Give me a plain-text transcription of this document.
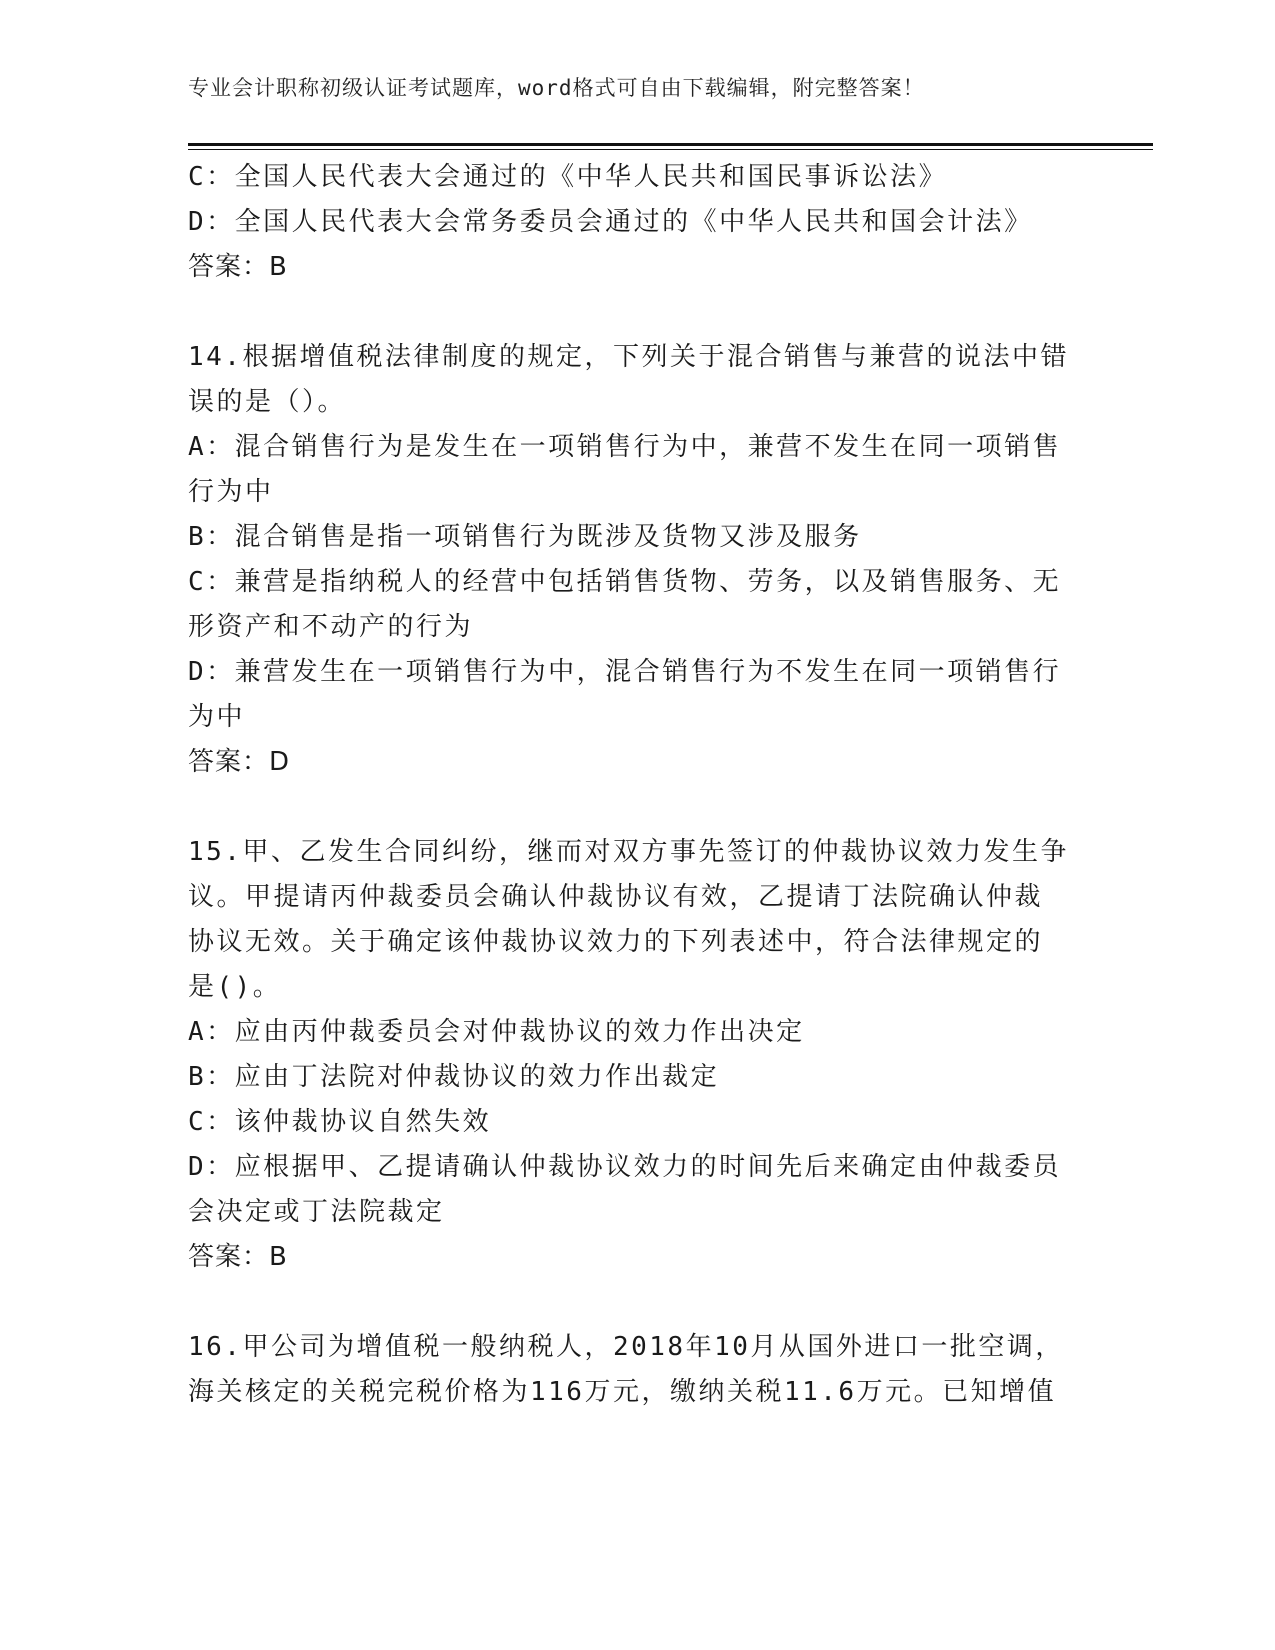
专业会计职称初级认证考试题库，word格式可自由下载编辑，附完整答案！
C：全国人民代表大会通过的《中华人民共和国民事诉讼法》
D：全国人民代表大会常务委员会通过的《中华人民共和国会计法》
答案：B
14.根据增值税法律制度的规定，下列关于混合销售与兼营的说法中错
误的是（）。
A：混合销售行为是发生在一项销售行为中，兼营不发生在同一项销售
行为中
B：混合销售是指一项销售行为既涉及货物又涉及服务
C：兼营是指纳税人的经营中包括销售货物、劳务，以及销售服务、无
形资产和不动产的行为
D：兼营发生在一项销售行为中，混合销售行为不发生在同一项销售行
为中
答案：D
15.甲、乙发生合同纠纷，继而对双方事先签订的仲裁协议效力发生争
议。甲提请丙仲裁委员会确认仲裁协议有效，乙提请丁法院确认仲裁
协议无效。关于确定该仲裁协议效力的下列表述中，符合法律规定的
是()。
A：应由丙仲裁委员会对仲裁协议的效力作出决定
B：应由丁法院对仲裁协议的效力作出裁定
C：该仲裁协议自然失效
D：应根据甲、乙提请确认仲裁协议效力的时间先后来确定由仲裁委员
会决定或丁法院裁定
答案：B
16.甲公司为增值税一般纳税人，2018年10月从国外进口一批空调，
海关核定的关税完税价格为116万元，缴纳关税11.6万元。已知增值
